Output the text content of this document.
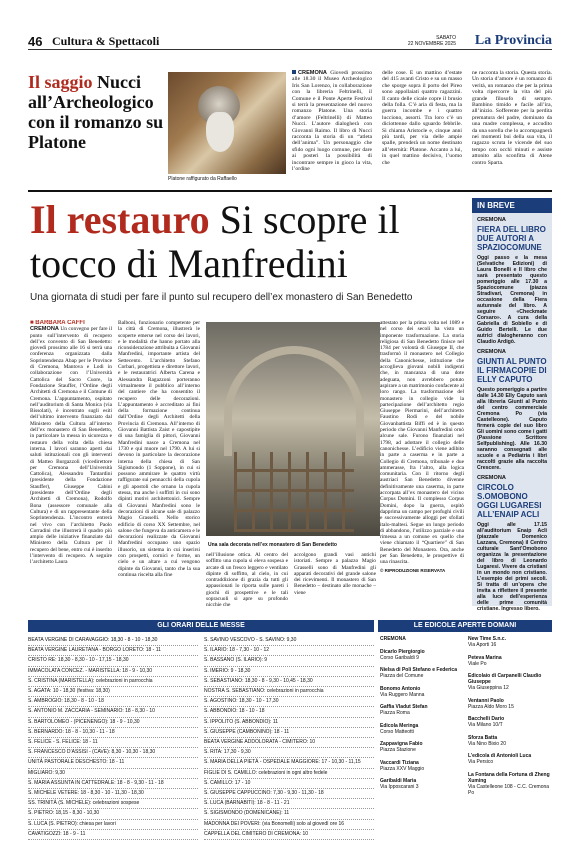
46 Cultura & Spettacoli	SABATO
22 NOVEMBRE 2025 La Provincia
Il saggio Nucci all’Archeologico con il romanzo su Platone
Platone raffigurato da Raffaello
CREMONA Giovedì prossimo alle 18.30 il Museo Archeologico Iris San Lorenzo, in collaborazione con la libreria Feltrinelli, il Comune e il Ponte Aperte Festival si terrà la presentazione del nuovo romanzo Platone. Una storia d’amore (Feltrinelli) di Matteo Nucci. L’autore dialogherà con Giovanni Raimo. Il libro di Nucci racconta la storia di un “atleta dell’anima”. Un personaggio che sfido ogni luogo comune, per dare ai posteri la possibilità di incontrare sempre in gioco la vita, l’ordine
delle cose. È un mattino d’estate del 415 avanti Cristo e su un masso che sporge sopra il porto del Pireo sono appollaiati quattro ragazzini. Il canto delle cicale copre il brusio della folla. C’è aria di festa, ma la guerra incombe e i quattro lucciono, assorti. Tra loro c’è un diciottenne dallo sguardo febbrile. Si chiama Aristocle e, cinque anni più tardi, per via delle ampie spalle, prenderà un nome destinato all’eternità: Platone. Accanto a lui, in quel mattino decisivo, l’uomo che
ne racconta la storia. Questa storia. Un storia d’amore è un romanzo di verità, un romanzo che per la prima volta ripercorre la vita del più grande filosofo di sempre. Bambino timido e facile all’ira, all’inizio. Sofferente per la perdita prematura del padre, dominato da una madre complessa, e accudito da una sorella che lo accompagnerà nei momenti bui della sua vita, il ragazzo scruta le vicende del suo tempo con occhi minuti e assiste attonito alla sconfitta di Atene contro Sparta.
Il restauro Si scopre il tocco di Manfredini
Una giornata di studi per fare il punto sul recupero dell’ex monastero di San Benedetto
■ BARBARA CAFFI
CREMONA Un convegno per fare il punto sull’intervento di recupero dell’ex convento di San Benedetto: giovedì prossimo alle 16 si terrà una conferenza organizzata dalla Soprintendenza Abap per le Province di Cremona, Mantova e Lodi in collaborazione con l’Università Cattolica del Sacro Cuore, la Fondazione Stauffer, l’Ordine degli Architetti di Cremona e il Comune di Cremona. L’appuntamento, ospitato nell’auditorium di Santa Monica (via Bissolati), è incentrato sugli esiti dell’ultimo intervento finanziato dal Ministero della Cultura all’interno dell’ex monastero di San Benedetto, in particolare la messa in sicurezza e restauro della volta della chiesa interna. I lavori saranno aperti dai saluti istituzionali con gli interventi di Matteo Burgazzoli (vicedirettore per Cremona dell’Università Cattolica), Alessandro Tantardini (presidente della Fondazione Stauffer), Giuseppe Cabini (presidente dell’Ordine degli Architetti di Cremona), Rodolfo Bona (assessore comunale alla Cultura) e di un rappresentante della Soprintendenza. L’incontro entrerà nel vivo con l’architetto Paolo Corradini che illustrerà il quadro più ampio delle iniziative finanziate dal Ministero della Cultura per il recupero del bene, entro cui è inserito l’intervento di recupero. A seguire l’architetto Laura
Balboni, funzionario competente per la città di Cremona, illustrerà le scoperte emerse nel corso dei lavori, e le modalità che hanno portato alla riconsiderazione attribuita a Giovanni Manfredini, importante artista del Settecento. L’architetto Stefano Corbari, progettista e direttore lavori, e le restauratrici Alberta Carena e Alessandra Ragazzoni porteranno virtualmente il pubblico all’interno del cantiere che ha consentito il recupero delle decorazioni. L’appuntamento è accreditato ai fini della formazione continua dall’Ordine degli Architetti della Provincia di Cremona. All’interno di Giovanni Battista Zaist e capostipite di una famiglia di pittori, Giovanni Manfredini nasce a Cremona nel 1730 e qui muore nel 1790. A lui si devono in particolare la decorazione interna della chiesa di San Sigismondo (1 Soppone), in cui si possono ammirare le quattro virtù raffigurate sui pennacchi della cupola e gli apostoli che ornano la cupola stessa, ma anche i soffitti in cui sono dipinti motivi architettonici. Sempre di Giovanni Manfredini sono le decorazioni di alcune sale di palazzo Magio Grasselli. Nello storico edificio di corso XX Settembre, nel salone che fungeva da anticamera e le decorazioni realizzate da Giovanni Manfredini occupano uno spazio illusorio, un sistema in cui inserirsi con prospetti, cornici e forme, un cielo e un altare a cui vengono dipinte da Giovanni, tanto che la sua continua riscelta alla fine
Una sala decorata nell’ex monastero di San Benedetto
nell’illusione ottica. Al centro del soffitto una cupola si eleva sospesa e arcate di un fresco leggero e ventilato dipinte di soffitto, al cielo, in cui contraddizione di grazia da tutti gli appassionati lo riporta sulle pareti i giochi di prospettive e le tali sopracuoli si apre su profondo nicchie che
accolgono grandi vasi antichi istoriati. Sempre a palazzo Magio Grasselli sono di Manfredini gli apparati decorativi del grande salone dei ricevimenti. Il monastero di San Benedetto – destinato alle monache – viene
attestato per la prima volta nel 1089 e nel corso dei secoli ha visto un imponente trasformazione. La storia religiosa di San Benedetto finisce nel 1784 per volontà di Giuseppe II, che trasformò il monastero nel Collegio della Canonichesse, istituzione che accoglieva giovani nobili indigenti che, in mancanza di una dote adeguata, non avrebbero potuto aspirare a un matrimonio confacente al loro rango. La trasformazione del monastero in collegio vide la partecipazione dell’architetto regio Giuseppe Piermarini, dell’architetto Faustino Rodi e del nobile Giovanbattista Biffi ed è in questo periodo che Giovanni Manfredini ornò alcune sale. Furono finanziati nel 1798, ad adottare il collegio delle canonichesse. L’edificio viene adibito in parte a caserma e in parte a Collegio di Cremona, tribunale e due ammerasse, fra l’altro, alla logica comunitaria. Con il ritorno degli austriaci San Benedetto divenne definitivamente una caserma, in parte accorpata all’ex monastero del vicino Corpus Domini. Il complesso Corpus Domini, dopo la guerra, ospitò dapprima un campo per profughi civili e successivamente alloggi per sfollati italo-maltesi. Segue un lungo periodo di abbandono, l’utilizzo parziale e una rimessa a un comune ex quello che viene chiamato il “Quartiere” di San Benedetto del Monastero. Ora, anche per San Benedetto, le prospettive di una rinascita.
© RIPRODUZIONE RISERVATA
IN BREVE
CREMONA
FIERA DEL LIBRO DUE AUTORI A SPAZIOCOMUNE
Oggi passo e la mesa (Selvatiche Edizioni) di Laura Bonelli e Il libro che sarà presentato questo pomeriggio alle 17.30 a Spaziocomune (piazza Stradivari, Cremona) in occasione della Fiera autunnale del libro. A seguire «Checkmate Corsaro». A cura della Gabriella di Sobiello e di Guido Bertelli. Le due autrici dialogheranno con Claudio Ardigò.
CREMONA
GIUNTI AL PUNTO IL FIRMACOPIE DI ELLY CAPUTO
Questo pomeriggio a partire dalle 14.30 Elly Caputo sarà alla libreria Giunti al Punto del centro commerciale Cremona Po (via Castelleone). Caputo firmerà copie del suo libro Gli uomini sono come i gatti (Passione Scrittore Selfpublishing). Alle 16.30 saranno consegnati alle scuole e a Pediatria i libri raccolti grazie alla raccolta Crescere.
CREMONA
CIRCOLO S.OMOBONO OGGI LUGARESI ALL’ENAIP ACLI
Oggi alle 17.15 all’auditorium Enaip Acli (piazzale Domenico Lazzara, Cremona) il Centro culturale Sant’Omobono organizza la presentazione del libro di Leonardo Lugaresi. Vivere da cristiani in un mondo non cristiano. L’esempio dei primi secoli. Si tratta di un’opera che invita a riflettere il presente alla luce dell’esperienza delle prime comunità cristiane. Ingresso libero.
GLI ORARI DELLE MESSE	LE EDICOLE APERTE DOMANI
BEATA VERGINE DI CARAVAGGIO: 18,30 - 8 - 10 - 18,30
BEATA VERGINE LAURETANA - BORGO LORETO: 18 - 11
CRISTO RE: 18,30 - 8,30 - 10 - 17,15 - 18,30
IMMACOLATA CONCEZ. - MARISTELLA: 18 - 9 - 10,30
S. CRISTINA (MARISTELLA): celebrazioni in parrocchia
S. AGATA: 10 - 18,30 (festiva: 18,30)
S. AMBROGIO: 18,30 - 8 - 10 - 18
S. ANTONIO M. ZACCARIA - SEMINARIO: 18 - 8,30 - 10
S. BARTOLOMEO - (PICENENGO): 18 - 9 - 10,30
S. BERNARDO: 18 - 8 - 10,30 - 11 - 18
S. FELICE - S. FELICE: 18 - 11
S. FRANCESCO D’ASSISI - (CAVE): 8,30 - 10,30 - 18,30
UNITÀ PASTORALE DESCHESTO: 18 - 11
MIGLIARO: 9,30
S. MARIA ASSUNTA IN CATTEDRALE: 18 - 8 - 9,30 - 11 - 18
S. MICHELE VETERE: 18 - 8,30 - 10 - 11,30 - 18,30
SS. TRINITÀ (S. MICHELE): celebrazioni sospese
S. PIETRO: 18,15 - 8,30 - 10,30
S. LUCA (S. PIETRO): chiesa per lavori
CAVATIGOZZI: 18 - 9 - 11
S. SAVINO VESCOVO - S. SAVINO: 9,30
S. ILARIO: 18 - 7,30 - 10 - 12
S. BASSANO (S. ILARIO): 9
S. IMERIO: 9 - 18,30
S. SEBASTIANO: 18,30 - 8 - 9,30 - 10,45 - 18,30
NOSTRA S. SEBASTIANO: celebrazioni in parrocchia
S. AGOSTINO: 18,30 - 10 - 17,30
S. ABBONDIO: 18 - 10 - 18
S. IPPOLITO (S. ABBONDIO): 11
S. GIUSEPPE (CAMBONINO): 18 - 11
BEATA VERGINE ADDOLORATA - CIMITERO: 10
S. RITA: 17,30 - 9,30
S. MARIA DELLA PIETÀ - OSPEDALE MAGGIORE: 17 - 10,30 - 11,15
FIGLIE DI S. CAMILLO: celebrazioni in ogni altro fedele
S. CAMILLO: 17 - 10
S. GIUSEPPE CAPPUCCINO: 7,30 - 9,30 - 11,30 - 18
S. LUCA (BARNABITI): 18 - 8 - 11 - 21
S. SIGISMONDO (DOMENICANE): 11
MADONNA DEI POVERI: (via Bonomelli) solo al giovedì ore 16
CAPPELLA DEL CIMITERO DI CREMONA: 10
CREMONA
Dicarlo Piergiorgio
Corso Garibaldi 9
Nielsa di Poli Stefano e Federica
Piazza del Comune
Bonomo Antonio
Via Ruggero Manna
Gaffia Vladut Stefan
Piazza Roma
Edicola Meringa
Corso Matteotti
Zappavigna Fabio
Piazza Stazione
Vaccardi Tiziana
Piazza XXV Maggio
Garibaldi Maria
Via Ipposcarani 3
New Time S.n.c.
Via Aporti 16
Peteva Marina
Viale Po
Edicolaio di Carpanelli Claudio Giuseppe
Via Giuseppina 12
Ventanni Paolo
Piazza Aldo Moro 15
Bacchelli Dario
Via Milano 10/T
Sforza Batta
Via Nino Bixio 20
L’edicola di Antonioli Luca
Via Persico
La Fontana della Fortuna di Zheng Xuming
Via Castelleone 108 - C.C. Cremona Po
